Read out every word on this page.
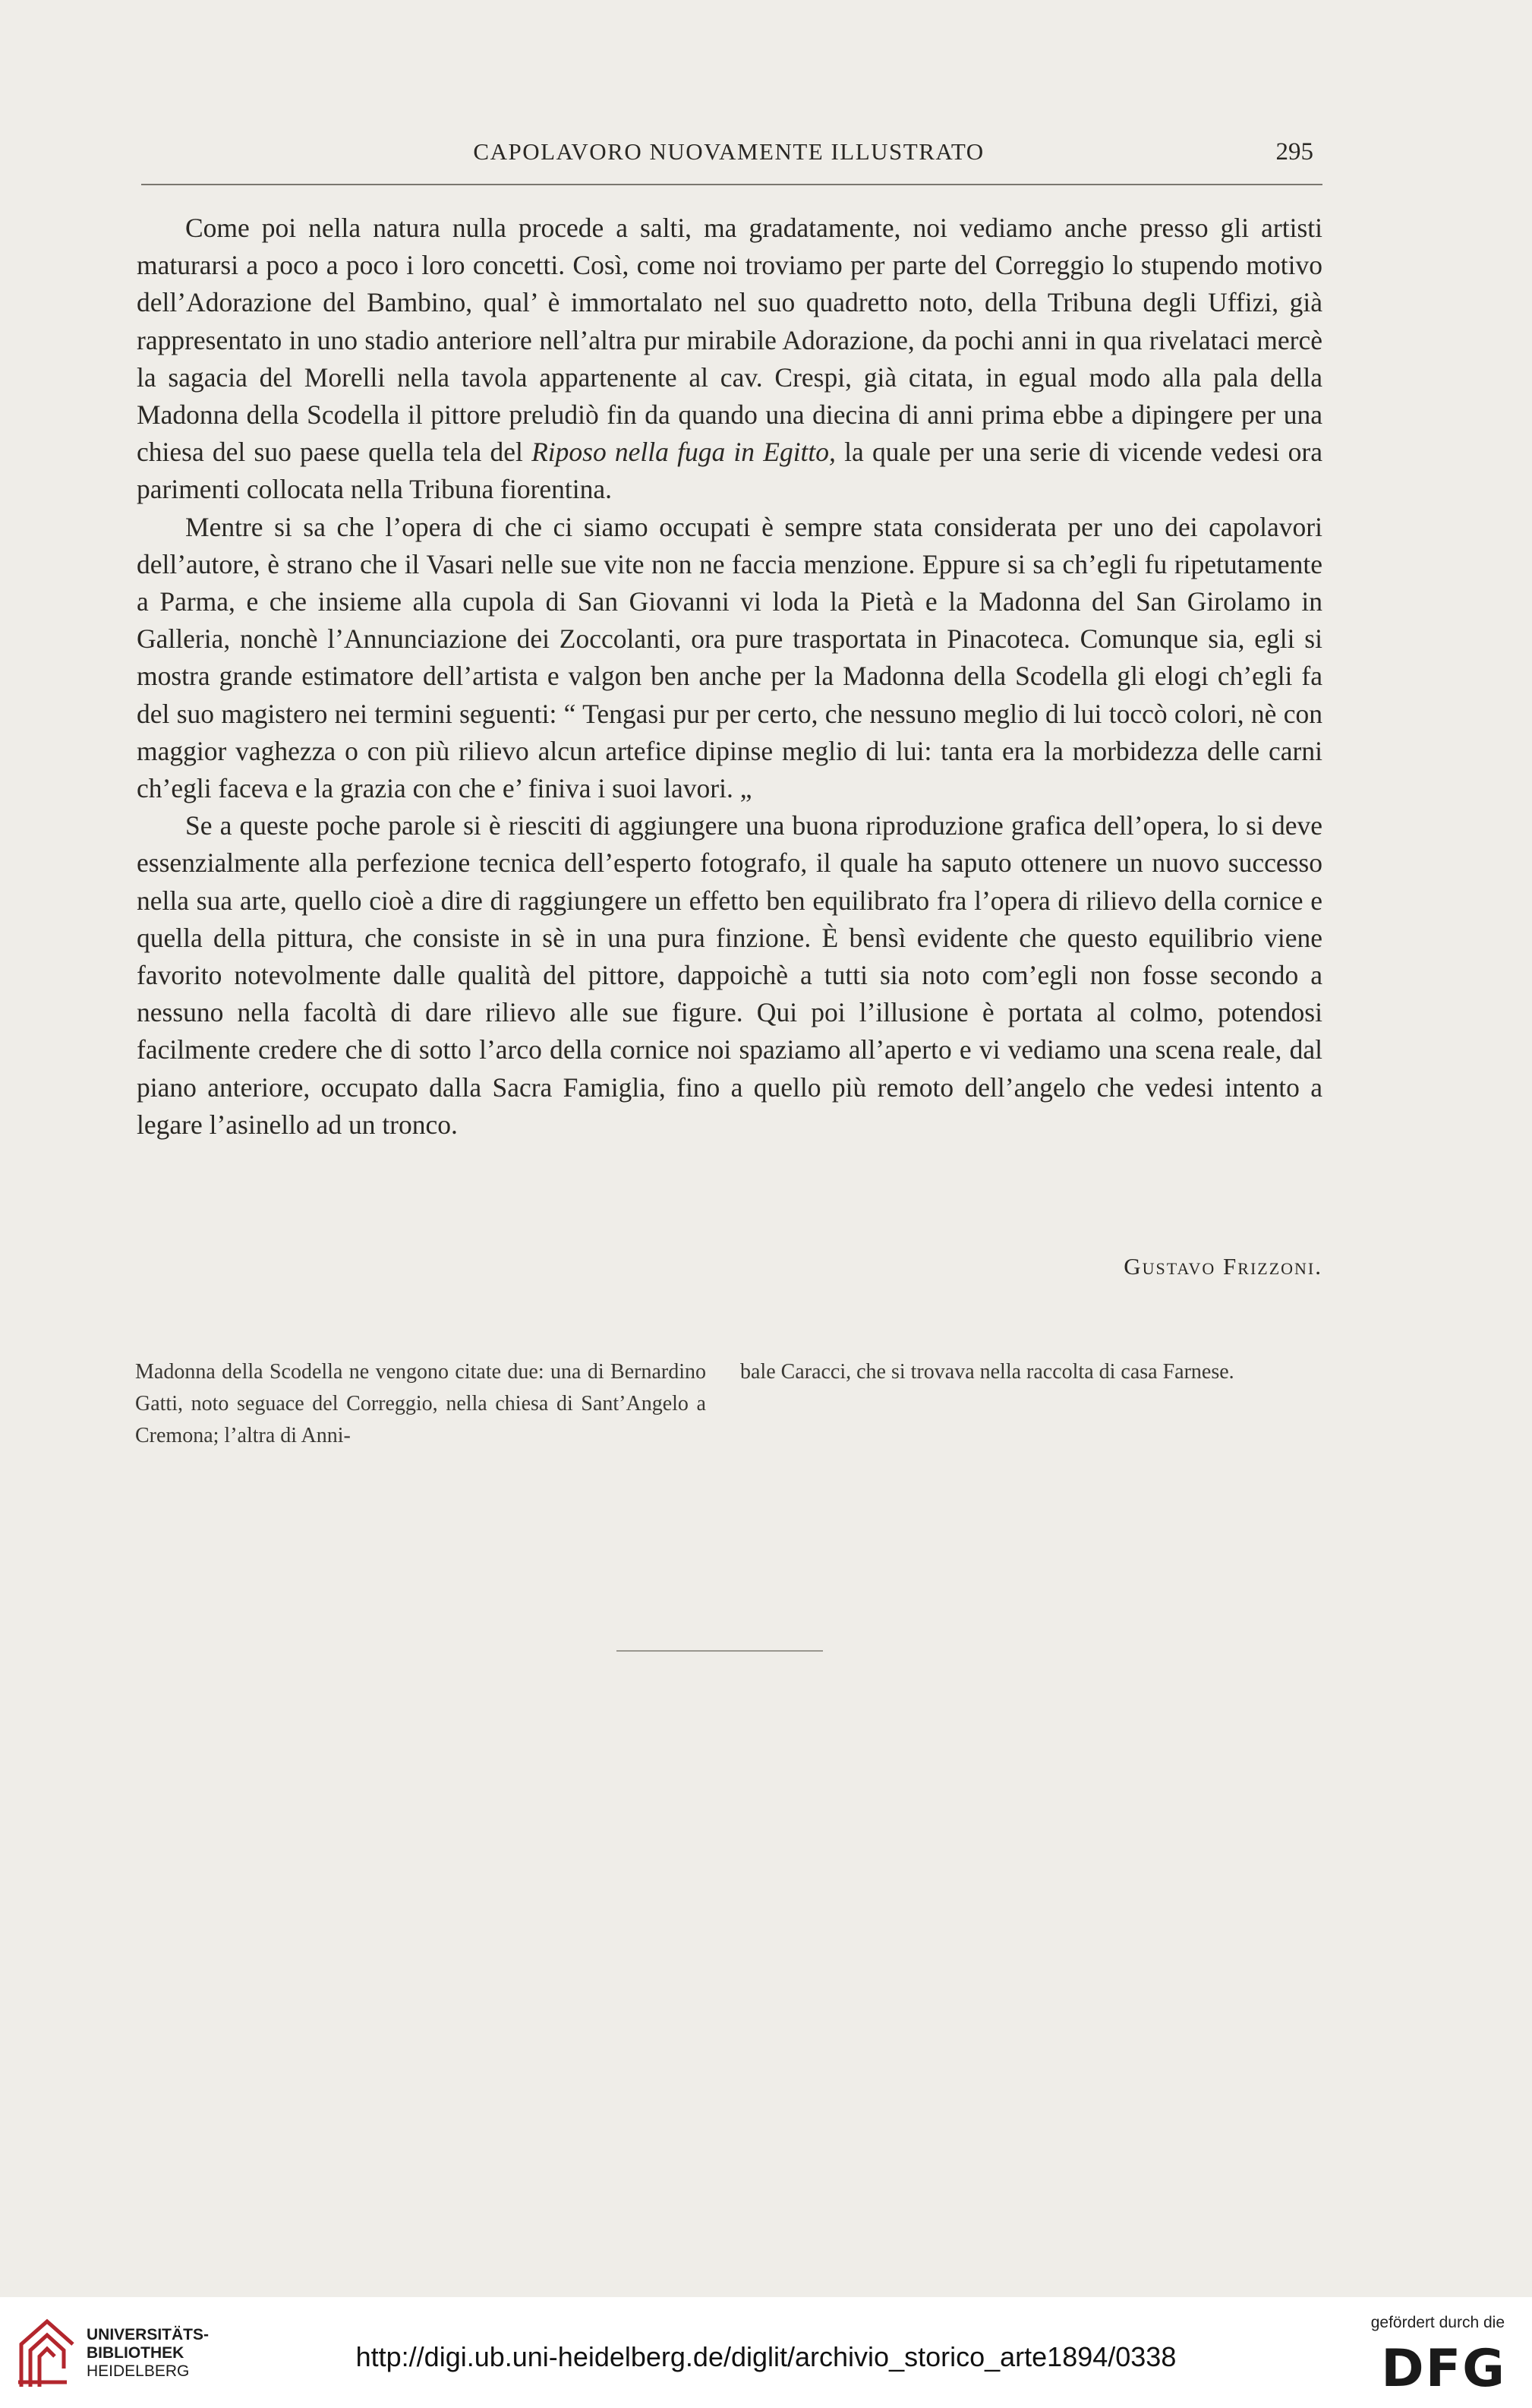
CAPOLAVORO NUOVAMENTE ILLUSTRATO	295

Come poi nella natura nulla procede a salti, ma gradatamente, noi vediamo anche presso gli artisti maturarsi a poco a poco i loro concetti. Così, come noi troviamo per parte del Correggio lo stupendo motivo dell’Adorazione del Bambino, qual’ è immortalato nel suo quadretto noto, della Tribuna degli Uffizi, già rappresentato in uno stadio anteriore nell’altra pur mirabile Adorazione, da pochi anni in qua rivelataci mercè la sagacia del Morelli nella tavola appartenente al cav. Crespi, già citata, in egual modo alla pala della Madonna della Scodella il pittore preludiò fin da quando una diecina di anni prima ebbe a dipingere per una chiesa del suo paese quella tela del Riposo nella fuga in Egitto, la quale per una serie di vicende vedesi ora parimenti collocata nella Tribuna fiorentina.

Mentre si sa che l’opera di che ci siamo occupati è sempre stata considerata per uno dei capolavori dell’autore, è strano che il Vasari nelle sue vite non ne faccia menzione. Eppure si sa ch’egli fu ripetutamente a Parma, e che insieme alla cupola di San Giovanni vi loda la Pietà e la Madonna del San Girolamo in Galleria, nonchè l’Annunciazione dei Zoccolanti, ora pure trasportata in Pinacoteca. Comunque sia, egli si mostra grande estimatore dell’artista e valgon ben anche per la Madonna della Scodella gli elogi ch’egli fa del suo magistero nei termini seguenti: “ Tengasi pur per certo, che nessuno meglio di lui toccò colori, nè con maggior vaghezza o con più rilievo alcun artefice dipinse meglio di lui: tanta era la morbidezza delle carni ch’egli faceva e la grazia con che e’ finiva i suoi lavori. „

Se a queste poche parole si è riesciti di aggiungere una buona riproduzione grafica dell’opera, lo si deve essenzialmente alla perfezione tecnica dell’esperto fotografo, il quale ha saputo ottenere un nuovo successo nella sua arte, quello cioè a dire di raggiungere un effetto ben equilibrato fra l’opera di rilievo della cornice e quella della pittura, che consiste in sè in una pura finzione. È bensì evidente che questo equilibrio viene favorito notevolmente dalle qualità del pittore, dappoichè a tutti sia noto com’egli non fosse secondo a nessuno nella facoltà di dare rilievo alle sue figure. Qui poi l’illusione è portata al colmo, potendosi facilmente credere che di sotto l’arco della cornice noi spaziamo all’aperto e vi vediamo una scena reale, dal piano anteriore, occupato dalla Sacra Famiglia, fino a quello più remoto dell’angelo che vedesi intento a legare l’asinello ad un tronco.

Gustavo Frizzoni.
Madonna della Scodella ne vengono citate due: una di Bernardino Gatti, noto seguace del Correggio, nella chiesa di Sant’Angelo a Cremona; l’altra di Anni-
bale Caracci, che si trovava nella raccolta di casa Farnese.
UNIVERSITÄTS-
BIBLIOTHEK
HEIDELBERG	http://digi.ub.uni-heidelberg.de/diglit/archivio_storico_arte1894/0338
gefördert durch die
DFG
